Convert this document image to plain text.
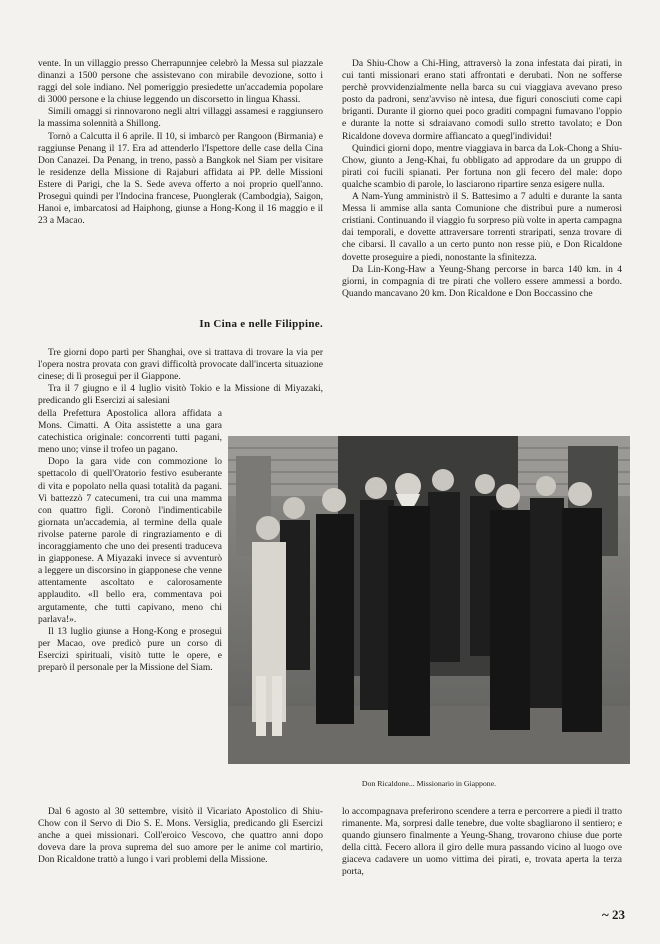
vente. In un villaggio presso Cherrapunnjee celebrò la Messa sul piazzale dinanzi a 1500 persone che assistevano con mirabile devozione, sotto i raggi del sole indiano. Nel pomeriggio presiedette un'accademia popolare di 3000 persone e la chiuse leggendo un discorsetto in lingua Khassi.

Simili omaggi si rinnovarono negli altri villaggi assamesi e raggiunsero la massima solennità a Shillong.

Tornò a Calcutta il 6 aprile. Il 10, si imbarcò per Rangoon (Birmania) e raggiunse Penang il 17. Era ad attenderlo l'Ispettore delle case della Cina Don Canazei. Da Penang, in treno, passò a Bangkok nel Siam per visitare le residenze della Missione di Rajaburi affidata ai PP. delle Missioni Estere di Parigi, che la S. Sede aveva offerto a noi proprio quell'anno. Proseguì quindi per l'Indocina francese, Puonglerak (Cambodgia), Saigon, Hanoi e, imbarcatosi ad Haiphong, giunse a Hong-Kong il 16 maggio e il 23 a Macao.

In Cina e nelle Filippine.

Tre giorni dopo partì per Shanghai, ove si trattava di trovare la via per l'opera nostra provata con gravi difficoltà provocate dall'incerta situazione cinese; di lì proseguì per il Giappone.

Tra il 7 giugno e il 4 luglio visitò Tokio e la Missione di Miyazaki, predicando gli Esercizi ai salesiani

della Prefettura Apostolica allora affidata a Mons. Cimatti. A Oita assistette a una gara catechistica originale: concorrenti tutti pagani, meno uno; vinse il trofeo un pagano.

Dopo la gara vide con commozione lo spettacolo di quell'Oratorio festivo esuberante di vita e popolato nella quasi totalità da pagani. Vi battezzò 7 catecumeni, tra cui una mamma con quattro figli. Coronò l'indimenticabile giornata un'accademia, al termine della quale rivolse paterne parole di ringraziamento e di incoraggiamento che uno dei presenti traduceva in giapponese. A Miyazaki invece si avventurò a leggere un discorsino in giapponese che venne attentamente ascoltato e calorosamente applaudito. «Il bello era, commentava poi argutamente, che tutti capivano, meno chi parlava!».

Il 13 luglio giunse a Hong-Kong e proseguì per Macao, ove predicò pure un corso di Esercizi spirituali, visitò tutte le opere, e preparò il personale per la Missione del Siam.

Don Ricaldone... Missionario in Giappone.

Dal 6 agosto al 30 settembre, visitò il Vicariato Apostolico di Shiu-Chow con il Servo di Dio S. E. Mons. Versiglia, predicando gli Esercizi anche a quei missionari. Coll'eroico Vescovo, che quattro anni dopo doveva dare la prova suprema del suo amore per le anime col martirio, Don Ricaldone trattò a lungo i vari problemi della Missione.

Da Shiu-Chow a Chi-Hing, attraversò la zona infestata dai pirati, in cui tanti missionari erano stati affrontati e derubati. Non ne sofferse perchè provvidenzialmente nella barca su cui viaggiava avevano preso posto da padroni, senz'avviso nè intesa, due figuri conosciuti come capi briganti. Durante il giorno quei poco graditi compagni fumavano l'oppio e durante la notte si sdraiavano comodi sullo stretto tavolato; e Don Ricaldone doveva dormire affiancato a quegl'individui!

Quindici giorni dopo, mentre viaggiava in barca da Lok-Chong a Shiu-Chow, giunto a Jeng-Khai, fu obbligato ad approdare da un gruppo di pirati coi fucili spianati. Per fortuna non gli fecero del male: dopo qualche scambio di parole, lo lasciarono ripartire senza esigere nulla.

A Nam-Yung amministrò il S. Battesimo a 7 adulti e durante la santa Messa li ammise alla santa Comunione che distribuì pure a numerosi cristiani. Continuando il viaggio fu sorpreso più volte in aperta campagna dai temporali, e dovette attraversare torrenti straripati, senza trovare di che cibarsi. Il cavallo a un certo punto non resse più, e Don Ricaldone dovette proseguire a piedi, nonostante la sfinitezza.

Da Lin-Kong-Haw a Yeung-Shang percorse in barca 140 km. in 4 giorni, in compagnia di tre pirati che vollero essere ammessi a bordo. Quando mancavano 20 km. Don Ricaldone e Don Boccassino che

lo accompagnava preferirono scendere a terra e percorrere a piedi il tratto rimanente. Ma, sorpresi dalle tenebre, due volte sbagliarono il sentiero; e quando giunsero finalmente a Yeung-Shang, trovarono chiuse due porte della città. Fecero allora il giro delle mura passando vicino al luogo ove giaceva cadavere un uomo vittima dei pirati, e, trovata aperta la terza porta,

~ 23
